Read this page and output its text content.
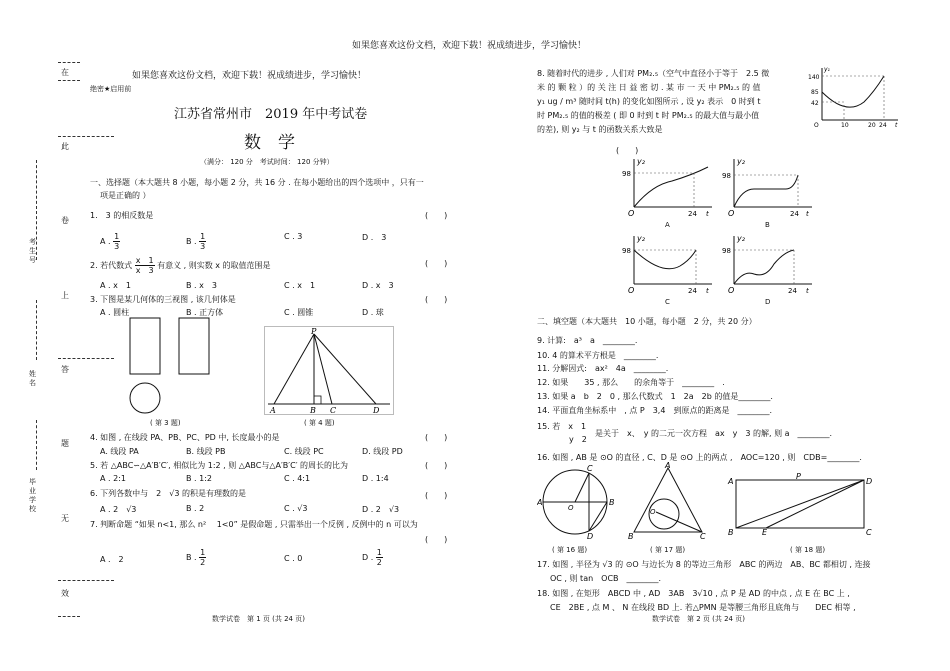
如果您喜欢这份文档，欢迎下载！祝成绩进步，学习愉快！
在
此
卷
上
答
题
无
效
考生号
姓名
毕业学校
如果您喜欢这份文档，欢迎下载！祝成绩进步，学习愉快！
绝密★启用前
江苏省常州市　2019 年中考试卷
数　学
（满分： 120 分　考试时间： 120 分钟）
一、选择题（本大题共 8 小题，每小题 2 分，共 16 分 . 在每小题给出的四个选项中 ，只有一
项是正确的 ）
1.　3 的相反数是	(　　)
A . $\frac{1}{3}$	B . $\frac{1}{3}$	C . 3	D .　3
2. 若代数式 $\frac{x 1}{x 3}$ 有意义 , 则实数 x 的取值范围是	(　　)
A . x　1	B . x　3	C . x　1	D . x　3
3. 下图是某几何体的三视图 , 该几何体是	(　　)
A . 圆柱	B . 正方体	C . 圆锥	D . 球
( 第 3 题)
P
A	B C	D
( 第 4 题)
4. 如图 , 在线段 PA、PB、PC、PD 中, 长度最小的是	(　　)
A. 线段 PA	B. 线段 PB	C. 线段 PC	D. 线段 PD
5. 若 △ABC∽△A′B′C′, 相似比为 1:2 , 则 △ABC与△A′B′C′ 的周长的比为	(　　)
A . 2:1	B . 1:2	C . 4:1	D . 1:4
6. 下列各数中与　2　√3 的积是有理数的是	(　　)
A . 2　√3	B . 2	C . √3	D . 2　√3
7. 判断命题 “如果 n<1, 那么 n² 　1<0” 是假命题 , 只需举出一个反例 , 反例中的 n 可以为
(　　)
A .　2	B . $\frac{1}{2}$	C . 0	D . $\frac{1}{2}$
数学试卷　第 1 页 (共 24 页)
8. 随着时代的进步 , 人们对 PM₂.₅（空气中直径小于等于　2.5 微
米 的 颗 粒 ）的 关 注 日 益 密 切 . 某 市 一 天 中 PM₂.₅ 的 值
y₁ ug / m³ 随时间 t(h) 的变化如图所示 , 设 y₂ 表示　0 时到 t
时 PM₂.₅ 的值的极差 ( 即 0 时到 t 时 PM₂.₅ 的最大值与最小值
的差), 则 y₂ 与 t 的函数关系大致是
(　　)
y₁
140
85
42
O	10	20 24 t
y₂
98
O	24 t
A
y₂
98
O	24 t
B
y₂
98
O	24 t
C
y₂
98
O	24 t
D
二、填空题（本大题共　10 小题，每小题　2 分，共 20 分）
9. 计算:　a³　a　________.
10. 4 的算术平方根是　________.
11. 分解因式:　ax²　4a　________.
12. 如果　　35 , 那么　　的余角等于　________　.
13. 如果 a　b　2　0 , 那么代数式　1　2a　2b 的值是________.
14. 平面直角坐标系中　, 点 P　3,4　到原点的距离是　________.
15. 若　x　1
y　2
是关于　x、　y 的二元一次方程　ax　y　3 的解, 则 a　________.
16. 如图 , AB 是 ⊙O 的直径 , C、D 是 ⊙O 上的两点 ,　AOC=120 , 则　CDB=________.
A	B
C
D
O
( 第 16 题)
A
B	C
O
( 第 17 题)
A
P
D
B	E	C
( 第 18 题)
17. 如图 , 半径为 √3 的 ⊙O 与边长为 8 的等边三角形　ABC 的两边　AB、BC 都相切 , 连接
OC , 则 tan　OCB　________.
18. 如图 , 在矩形　ABCD 中 , AD　3AB　3√10 , 点 P 是 AD 的中点 , 点 E 在 BC 上 ,
CE　2BE , 点 M 、 N 在线段 BD 上. 若△PMN 是等腰三角形且底角与　　DEC 相等 ,
数学试卷　第 2 页 (共 24 页)
